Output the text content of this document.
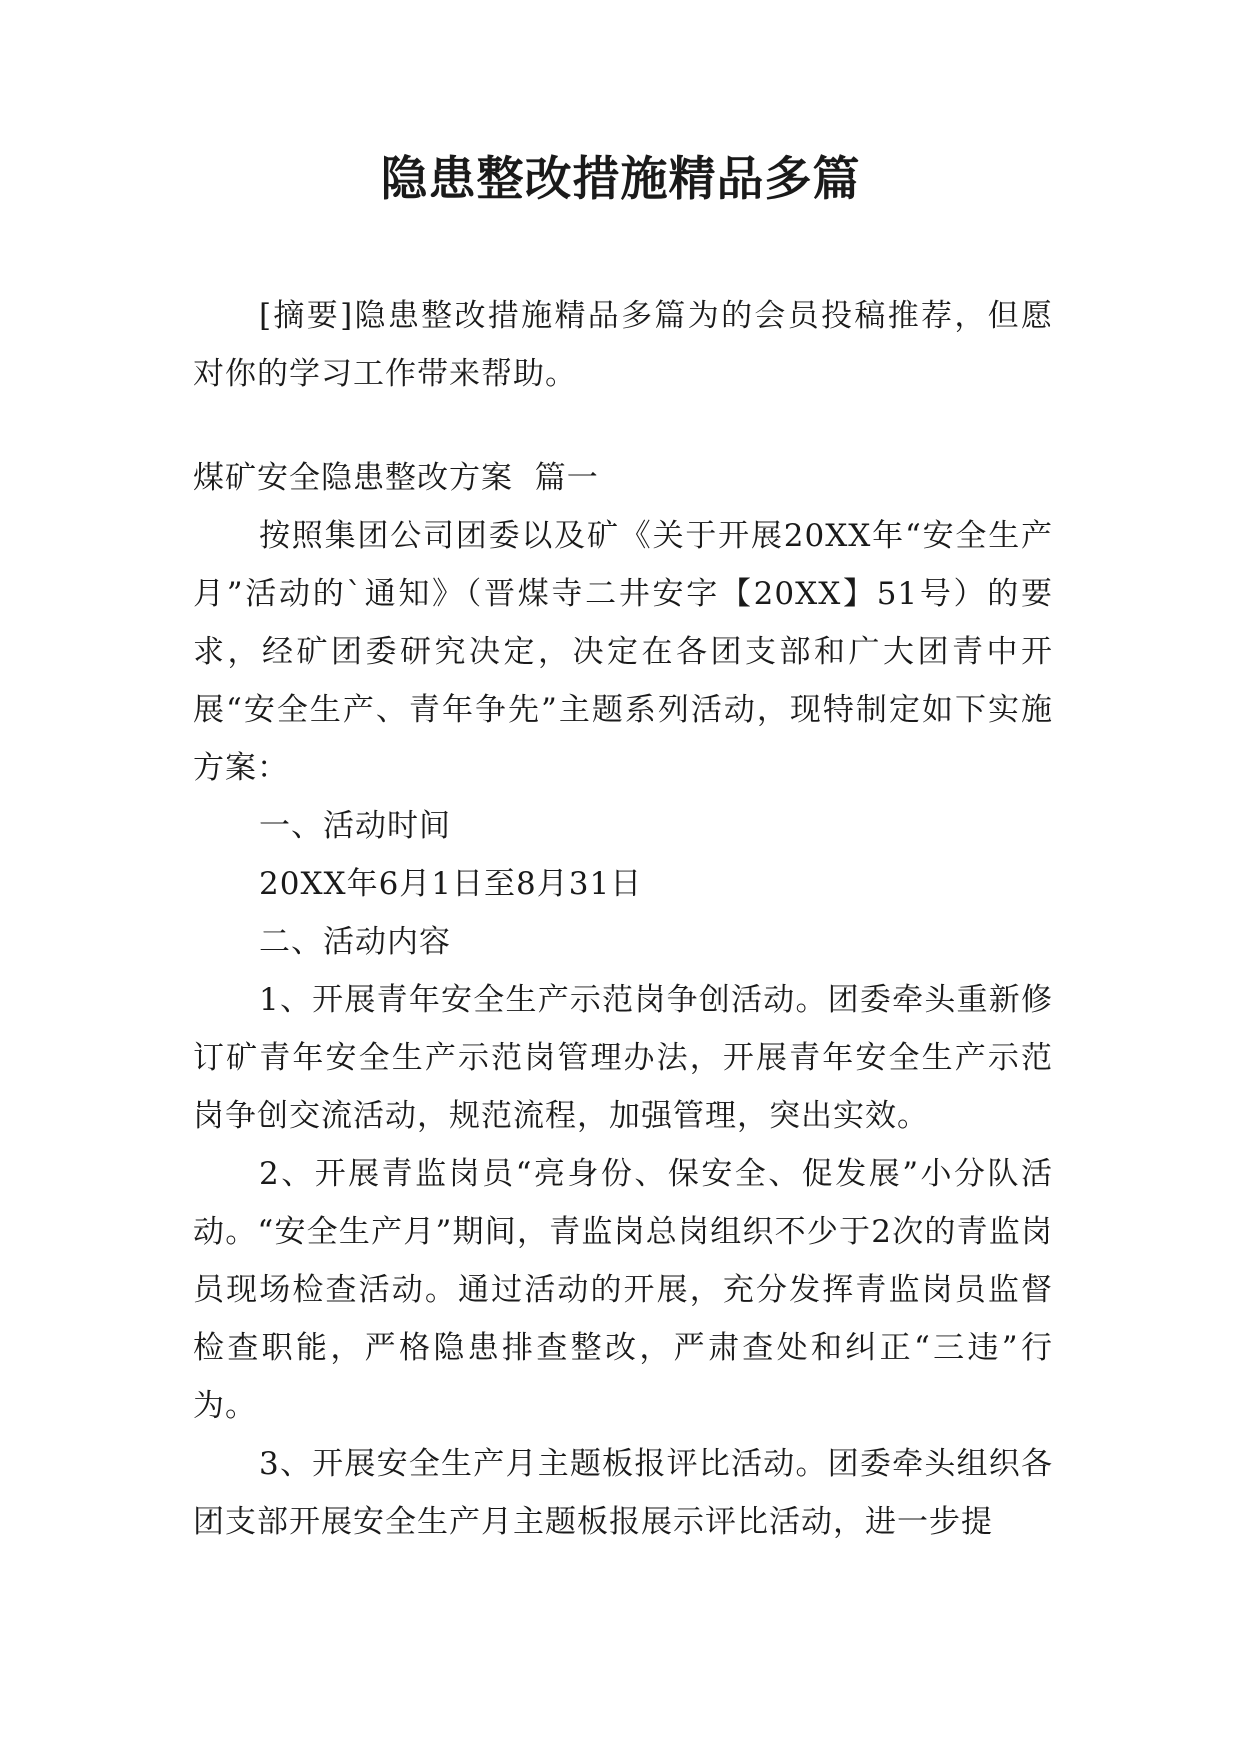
隐患整改措施精品多篇

[摘要]隐患整改措施精品多篇为的会员投稿推荐，但愿对你的学习工作带来帮助。

煤矿安全隐患整改方案  篇一

按照集团公司团委以及矿《关于开展20XX年“安全生产月”活动的`通知》（晋煤寺二井安字【20XX】51号）的要求，经矿团委研究决定，决定在各团支部和广大团青中开展“安全生产、青年争先”主题系列活动，现特制定如下实施方案：

一、活动时间

20XX年6月1日至8月31日

二、活动内容

1、开展青年安全生产示范岗争创活动。团委牵头重新修订矿青年安全生产示范岗管理办法，开展青年安全生产示范岗争创交流活动，规范流程，加强管理，突出实效。

2、开展青监岗员“亮身份、保安全、促发展”小分队活动。“安全生产月”期间，青监岗总岗组织不少于2次的青监岗员现场检查活动。通过活动的开展，充分发挥青监岗员监督检查职能，严格隐患排查整改，严肃查处和纠正“三违”行为。

3、开展安全生产月主题板报评比活动。团委牵头组织各团支部开展安全生产月主题板报展示评比活动，进一步提
